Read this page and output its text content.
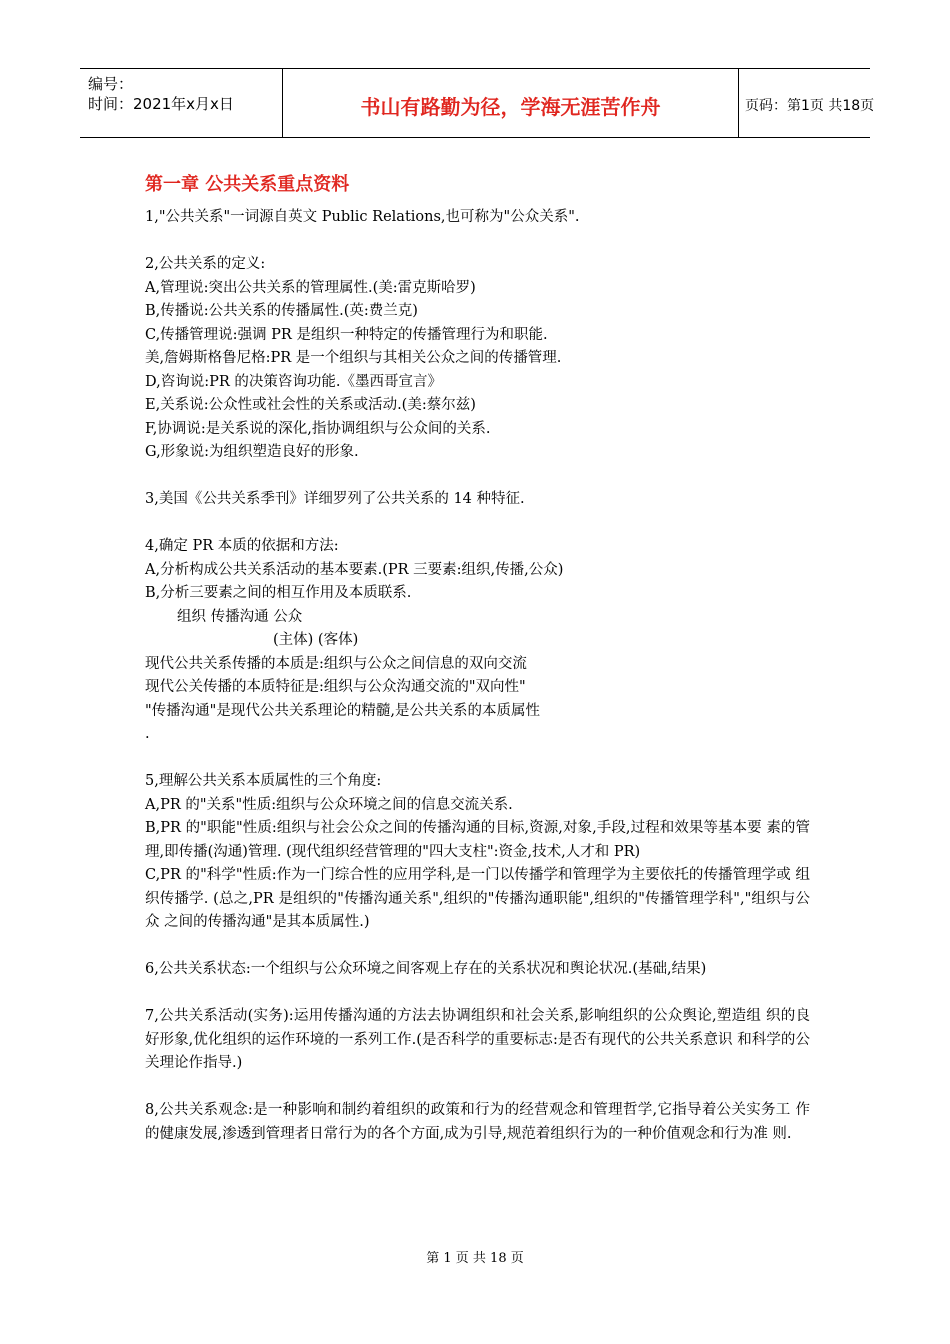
编号：
时间：2021年x月x日	书山有路勤为径，学海无涯苦作舟	页码：第1页 共18页
第一章 公共关系重点资料
1,"公共关系"一词源自英文 Public Relations,也可称为"公众关系".
2,公共关系的定义:
A,管理说:突出公共关系的管理属性.(美:雷克斯哈罗)
B,传播说:公共关系的传播属性.(英:费兰克)
C,传播管理说:强调 PR 是组织一种特定的传播管理行为和职能.
美,詹姆斯格鲁尼格:PR 是一个组织与其相关公众之间的传播管理.
D,咨询说:PR 的决策咨询功能.《墨西哥宣言》
E,关系说:公众性或社会性的关系或活动.(美:蔡尔兹)
F,协调说:是关系说的深化,指协调组织与公众间的关系.
G,形象说:为组织塑造良好的形象.
3,美国《公共关系季刊》详细罗列了公共关系的 14 种特征.
4,确定 PR 本质的依据和方法:
A,分析构成公共关系活动的基本要素.(PR 三要素:组织,传播,公众)
B,分析三要素之间的相互作用及本质联系.
组织 传播沟通 公众
(主体) (客体)
现代公共关系传播的本质是:组织与公众之间信息的双向交流
现代公关传播的本质特征是:组织与公众沟通交流的"双向性"
"传播沟通"是现代公共关系理论的精髓,是公共关系的本质属性
.
5,理解公共关系本质属性的三个角度:
A,PR 的"关系"性质:组织与公众环境之间的信息交流关系.
B,PR 的"职能"性质:组织与社会公众之间的传播沟通的目标,资源,对象,手段,过程和效果等基本要 素的管理,即传播(沟通)管理. (现代组织经营管理的"四大支柱":资金,技术,人才和 PR)
C,PR 的"科学"性质:作为一门综合性的应用学科,是一门以传播学和管理学为主要依托的传播管理学或 组织传播学. (总之,PR 是组织的"传播沟通关系",组织的"传播沟通职能",组织的"传播管理学科","组织与公众 之间的传播沟通"是其本质属性.)
6,公共关系状态:一个组织与公众环境之间客观上存在的关系状况和舆论状况.(基础,结果)
7,公共关系活动(实务):运用传播沟通的方法去协调组织和社会关系,影响组织的公众舆论,塑造组 织的良好形象,优化组织的运作环境的一系列工作.(是否科学的重要标志:是否有现代的公共关系意识 和科学的公关理论作指导.)
8,公共关系观念:是一种影响和制约着组织的政策和行为的经营观念和管理哲学,它指导着公关实务工 作的健康发展,渗透到管理者日常行为的各个方面,成为引导,规范着组织行为的一种价值观念和行为准 则.
第 1 页 共 18 页
